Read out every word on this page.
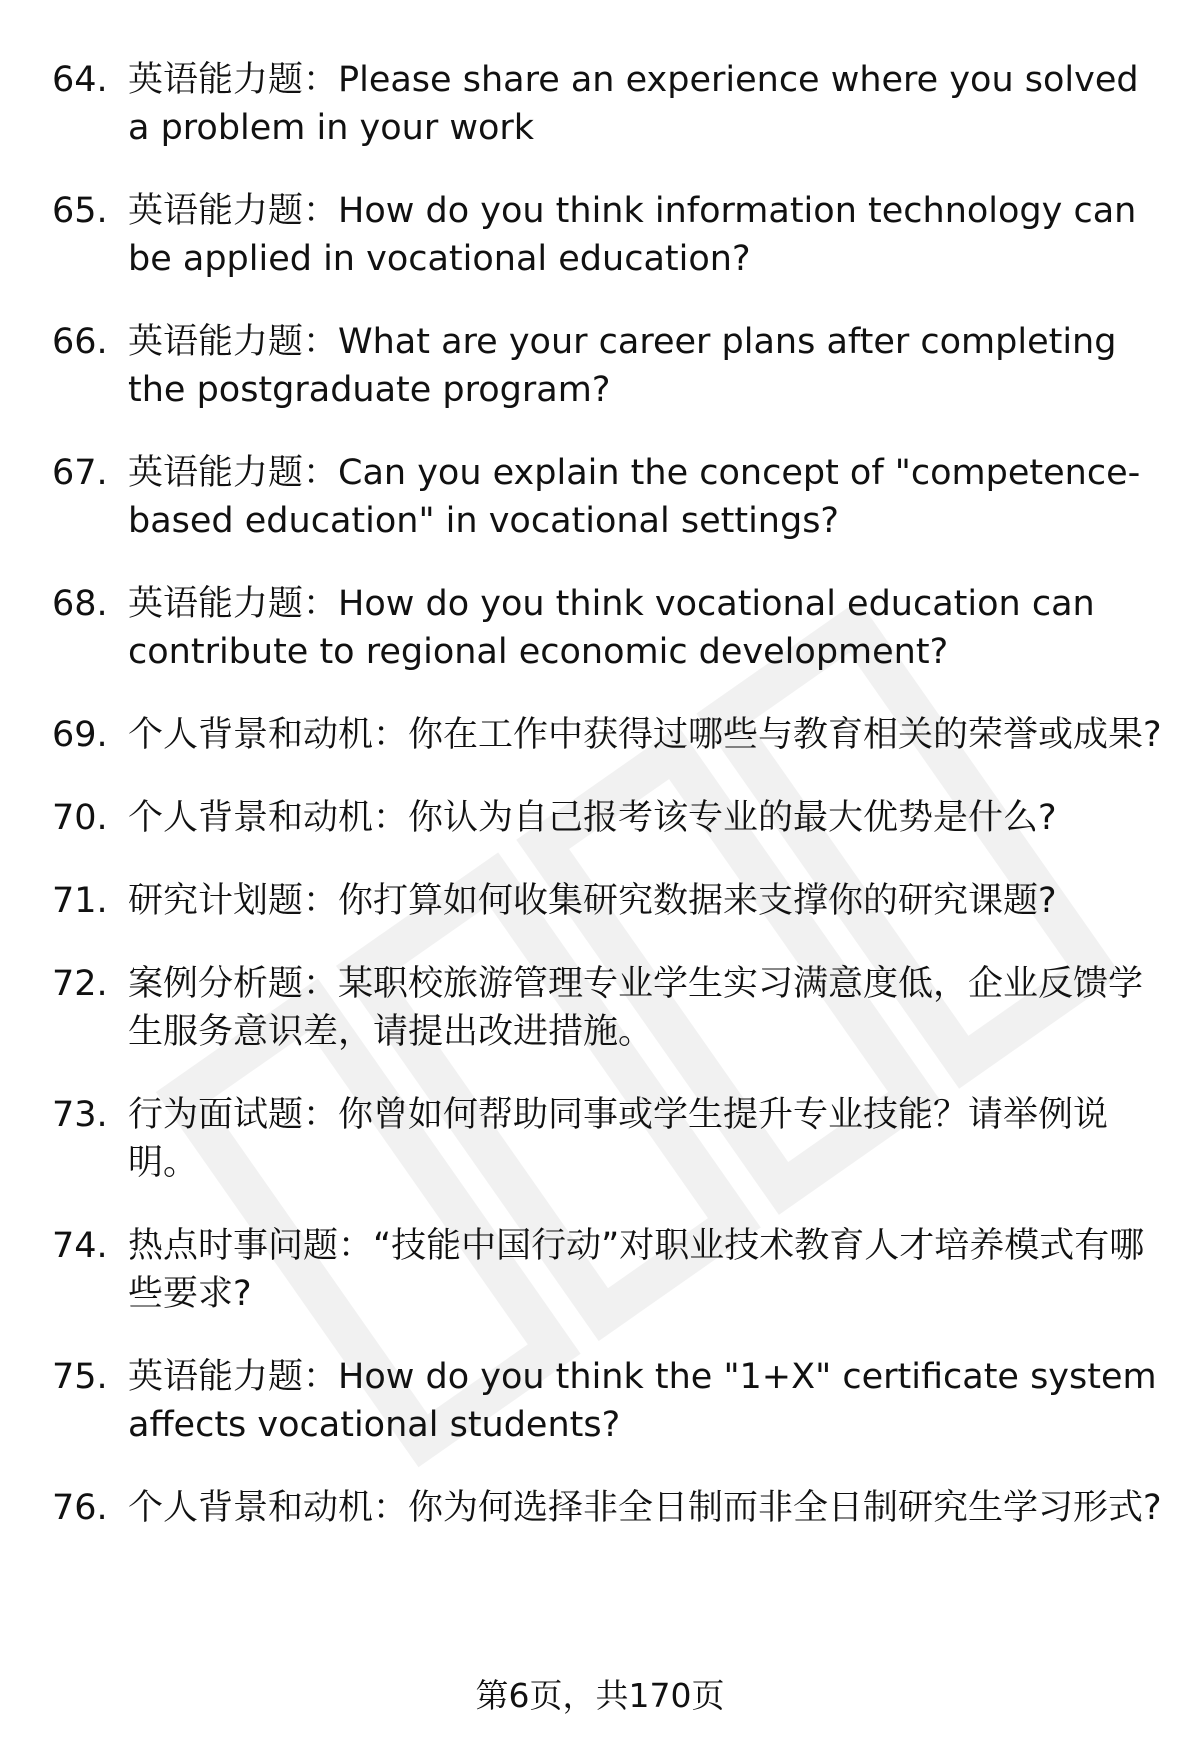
64. 英语能力题：Please share an experience where you solved a problem in your work
65. 英语能力题：How do you think information technology can be applied in vocational education?
66. 英语能力题：What are your career plans after completing the postgraduate program?
67. 英语能力题：Can you explain the concept of "competence-based education" in vocational settings?
68. 英语能力题：How do you think vocational education can contribute to regional economic development?
69. 个人背景和动机：你在工作中获得过哪些与教育相关的荣誉或成果?
70. 个人背景和动机：你认为自己报考该专业的最大优势是什么?
71. 研究计划题：你打算如何收集研究数据来支撑你的研究课题?
72. 案例分析题：某职校旅游管理专业学生实习满意度低，企业反馈学生服务意识差，请提出改进措施。
73. 行为面试题：你曾如何帮助同事或学生提升专业技能？请举例说明。
74. 热点时事问题：“技能中国行动”对职业技术教育人才培养模式有哪些要求?
75. 英语能力题：How do you think the "1+X" certificate system affects vocational students?
76. 个人背景和动机：你为何选择非全日制而非全日制研究生学习形式?
第6页，共170页
